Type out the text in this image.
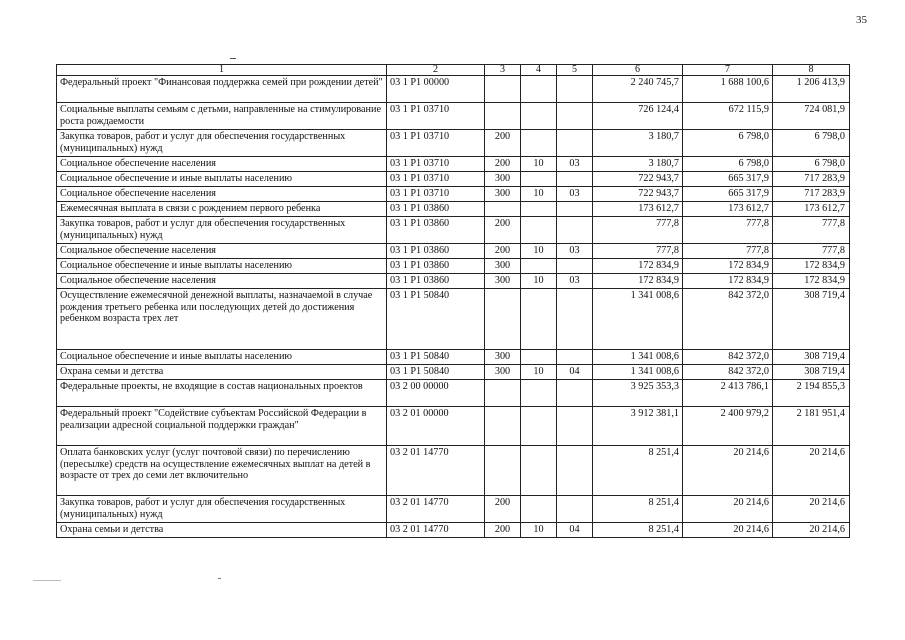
35
1	2	3	4	5	6	7	8
Федеральный проект "Финансовая поддержка семей при рождении детей"	03 1 P1 00000				2 240 745,7	1 688 100,6	1 206 413,9
Социальные выплаты семьям с детьми, направленные на стимулирование роста рождаемости	03 1 P1 03710				726 124,4	672 115,9	724 081,9
Закупка товаров, работ и услуг для обеспечения государственных (муниципальных) нужд	03 1 P1 03710	200			3 180,7	6 798,0	6 798,0
Социальное обеспечение населения	03 1 P1 03710	200	10	03	3 180,7	6 798,0	6 798,0
Социальное обеспечение и иные выплаты населению	03 1 P1 03710	300			722 943,7	665 317,9	717 283,9
Социальное обеспечение населения	03 1 P1 03710	300	10	03	722 943,7	665 317,9	717 283,9
Ежемесячная выплата в связи с рождением первого ребенка	03 1 P1 03860				173 612,7	173 612,7	173 612,7
Закупка товаров, работ и услуг для обеспечения государственных (муниципальных) нужд	03 1 P1 03860	200			777,8	777,8	777,8
Социальное обеспечение населения	03 1 P1 03860	200	10	03	777,8	777,8	777,8
Социальное обеспечение и иные выплаты населению	03 1 P1 03860	300			172 834,9	172 834,9	172 834,9
Социальное обеспечение населения	03 1 P1 03860	300	10	03	172 834,9	172 834,9	172 834,9
Осуществление ежемесячной денежной выплаты, назначаемой в случае рождения третьего ребенка или последующих детей до достижения ребенком возраста трех лет	03 1 P1 50840				1 341 008,6	842 372,0	308 719,4
Социальное обеспечение и иные выплаты населению	03 1 P1 50840	300			1 341 008,6	842 372,0	308 719,4
Охрана семьи и детства	03 1 P1 50840	300	10	04	1 341 008,6	842 372,0	308 719,4
Федеральные проекты, не входящие в состав национальных проектов	03 2 00 00000				3 925 353,3	2 413 786,1	2 194 855,3
Федеральный проект "Содействие субъектам Российской Федерации в реализации адресной социальной поддержки граждан"	03 2 01 00000				3 912 381,1	2 400 979,2	2 181 951,4
Оплата банковских услуг (услуг почтовой связи) по перечислению (пересылке) средств на осуществление ежемесячных выплат на детей в возрасте от трех до семи лет включительно	03 2 01 14770				8 251,4	20 214,6	20 214,6
Закупка товаров, работ и услуг для обеспечения государственных (муниципальных) нужд	03 2 01 14770	200			8 251,4	20 214,6	20 214,6
Охрана семьи и детства	03 2 01 14770	200	10	04	8 251,4	20 214,6	20 214,6
